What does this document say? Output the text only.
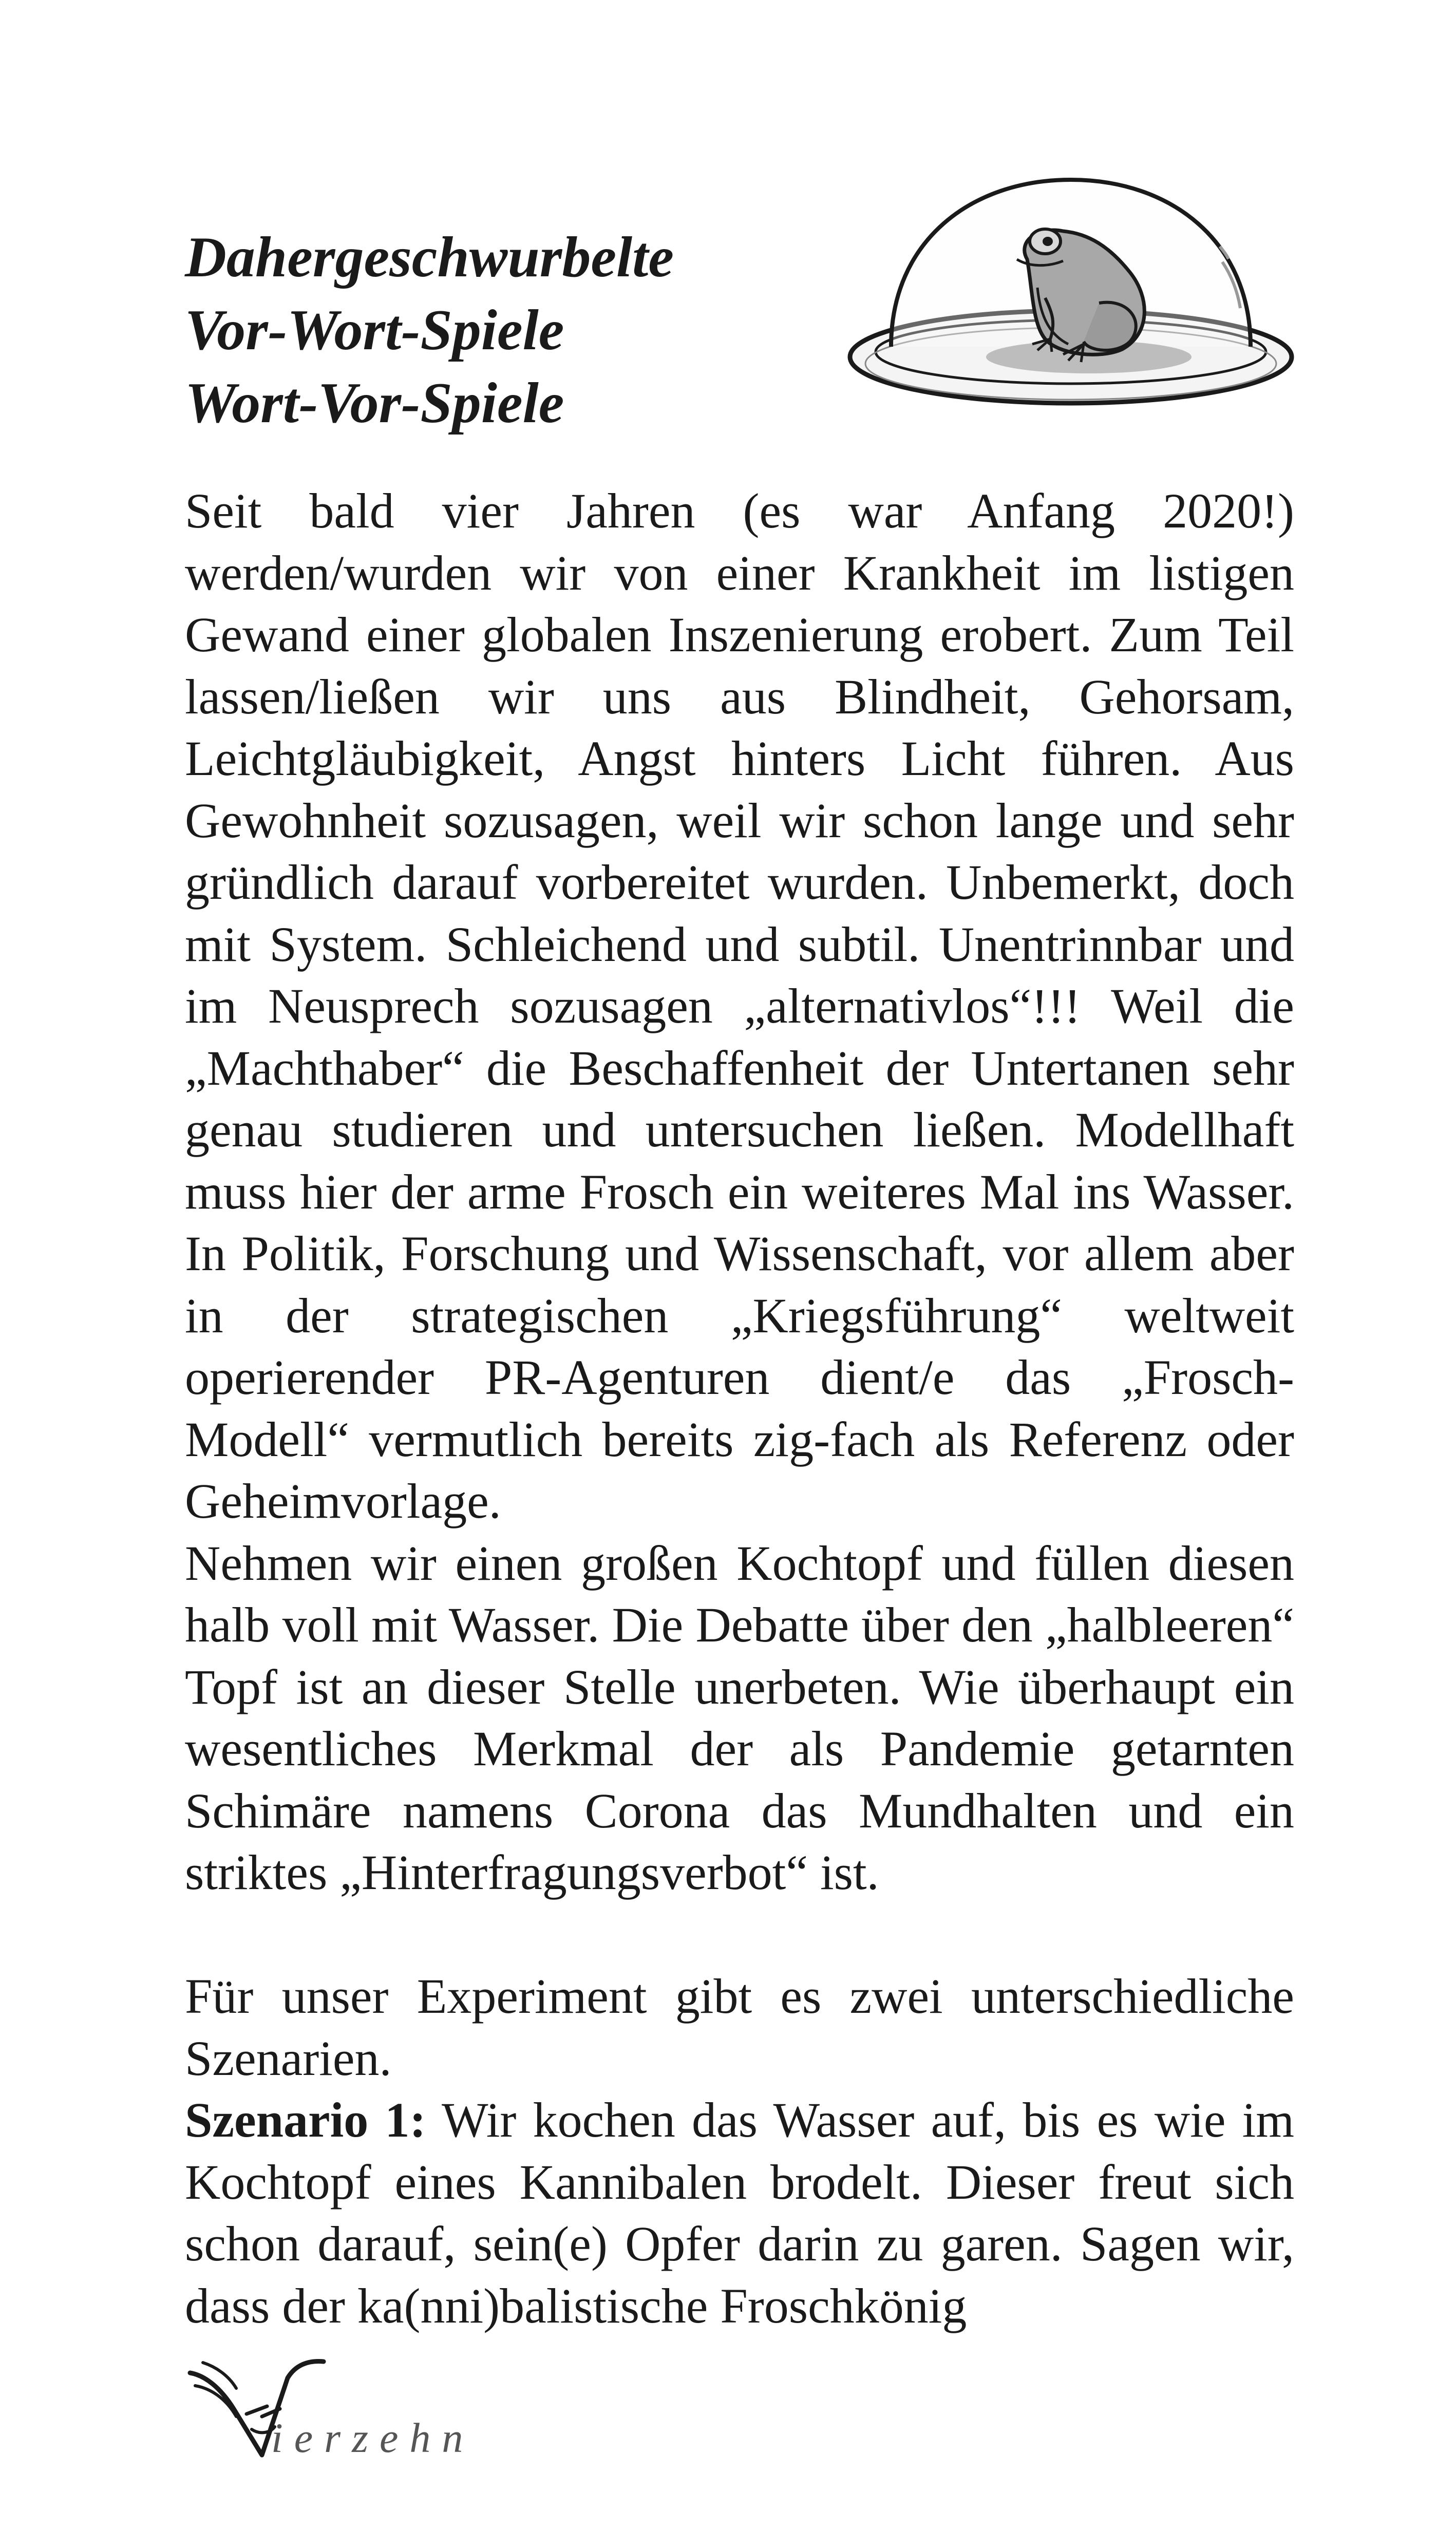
Dahergeschwurbelte
Vor-Wort-Spiele
Wort-Vor-Spiele

Seit bald vier Jahren (es war Anfang 2020!) werden/wurden wir von einer Krankheit im listigen Gewand einer globalen Inszenierung erobert. Zum Teil lassen/ließen wir uns aus Blindheit, Gehorsam, Leichtgläubigkeit, Angst hinters Licht führen. Aus Gewohnheit sozusagen, weil wir schon lange und sehr gründlich darauf vorbereitet wurden. Unbemerkt, doch mit System. Schleichend und subtil. Unentrinnbar und im Neusprech sozusagen „alternativlos“!!! Weil die „Machthaber“ die Beschaffenheit der Untertanen sehr genau studieren und untersuchen ließen. Modellhaft muss hier der arme Frosch ein weiteres Mal ins Wasser. In Politik, Forschung und Wissenschaft, vor allem aber in der strategischen „Kriegsführung“ weltweit operierender PR-Agenturen dient/e das „Frosch-Modell“ vermutlich bereits zig-fach als Referenz oder Geheimvorlage.

Nehmen wir einen großen Kochtopf und füllen diesen halb voll mit Wasser. Die Debatte über den „halbleeren“ Topf ist an dieser Stelle unerbeten. Wie überhaupt ein wesentliches Merkmal der als Pandemie getarnten Schimäre namens Corona das Mundhalten und ein striktes „Hinterfragungsverbot“ ist.

Für unser Experiment gibt es zwei unterschiedliche Szenarien.

Szenario 1: Wir kochen das Wasser auf, bis es wie im Kochtopf eines Kannibalen brodelt. Dieser freut sich schon darauf, sein(e) Opfer darin zu garen. Sagen wir, dass der ka(nni)balistische Froschkönig

ierzehn
